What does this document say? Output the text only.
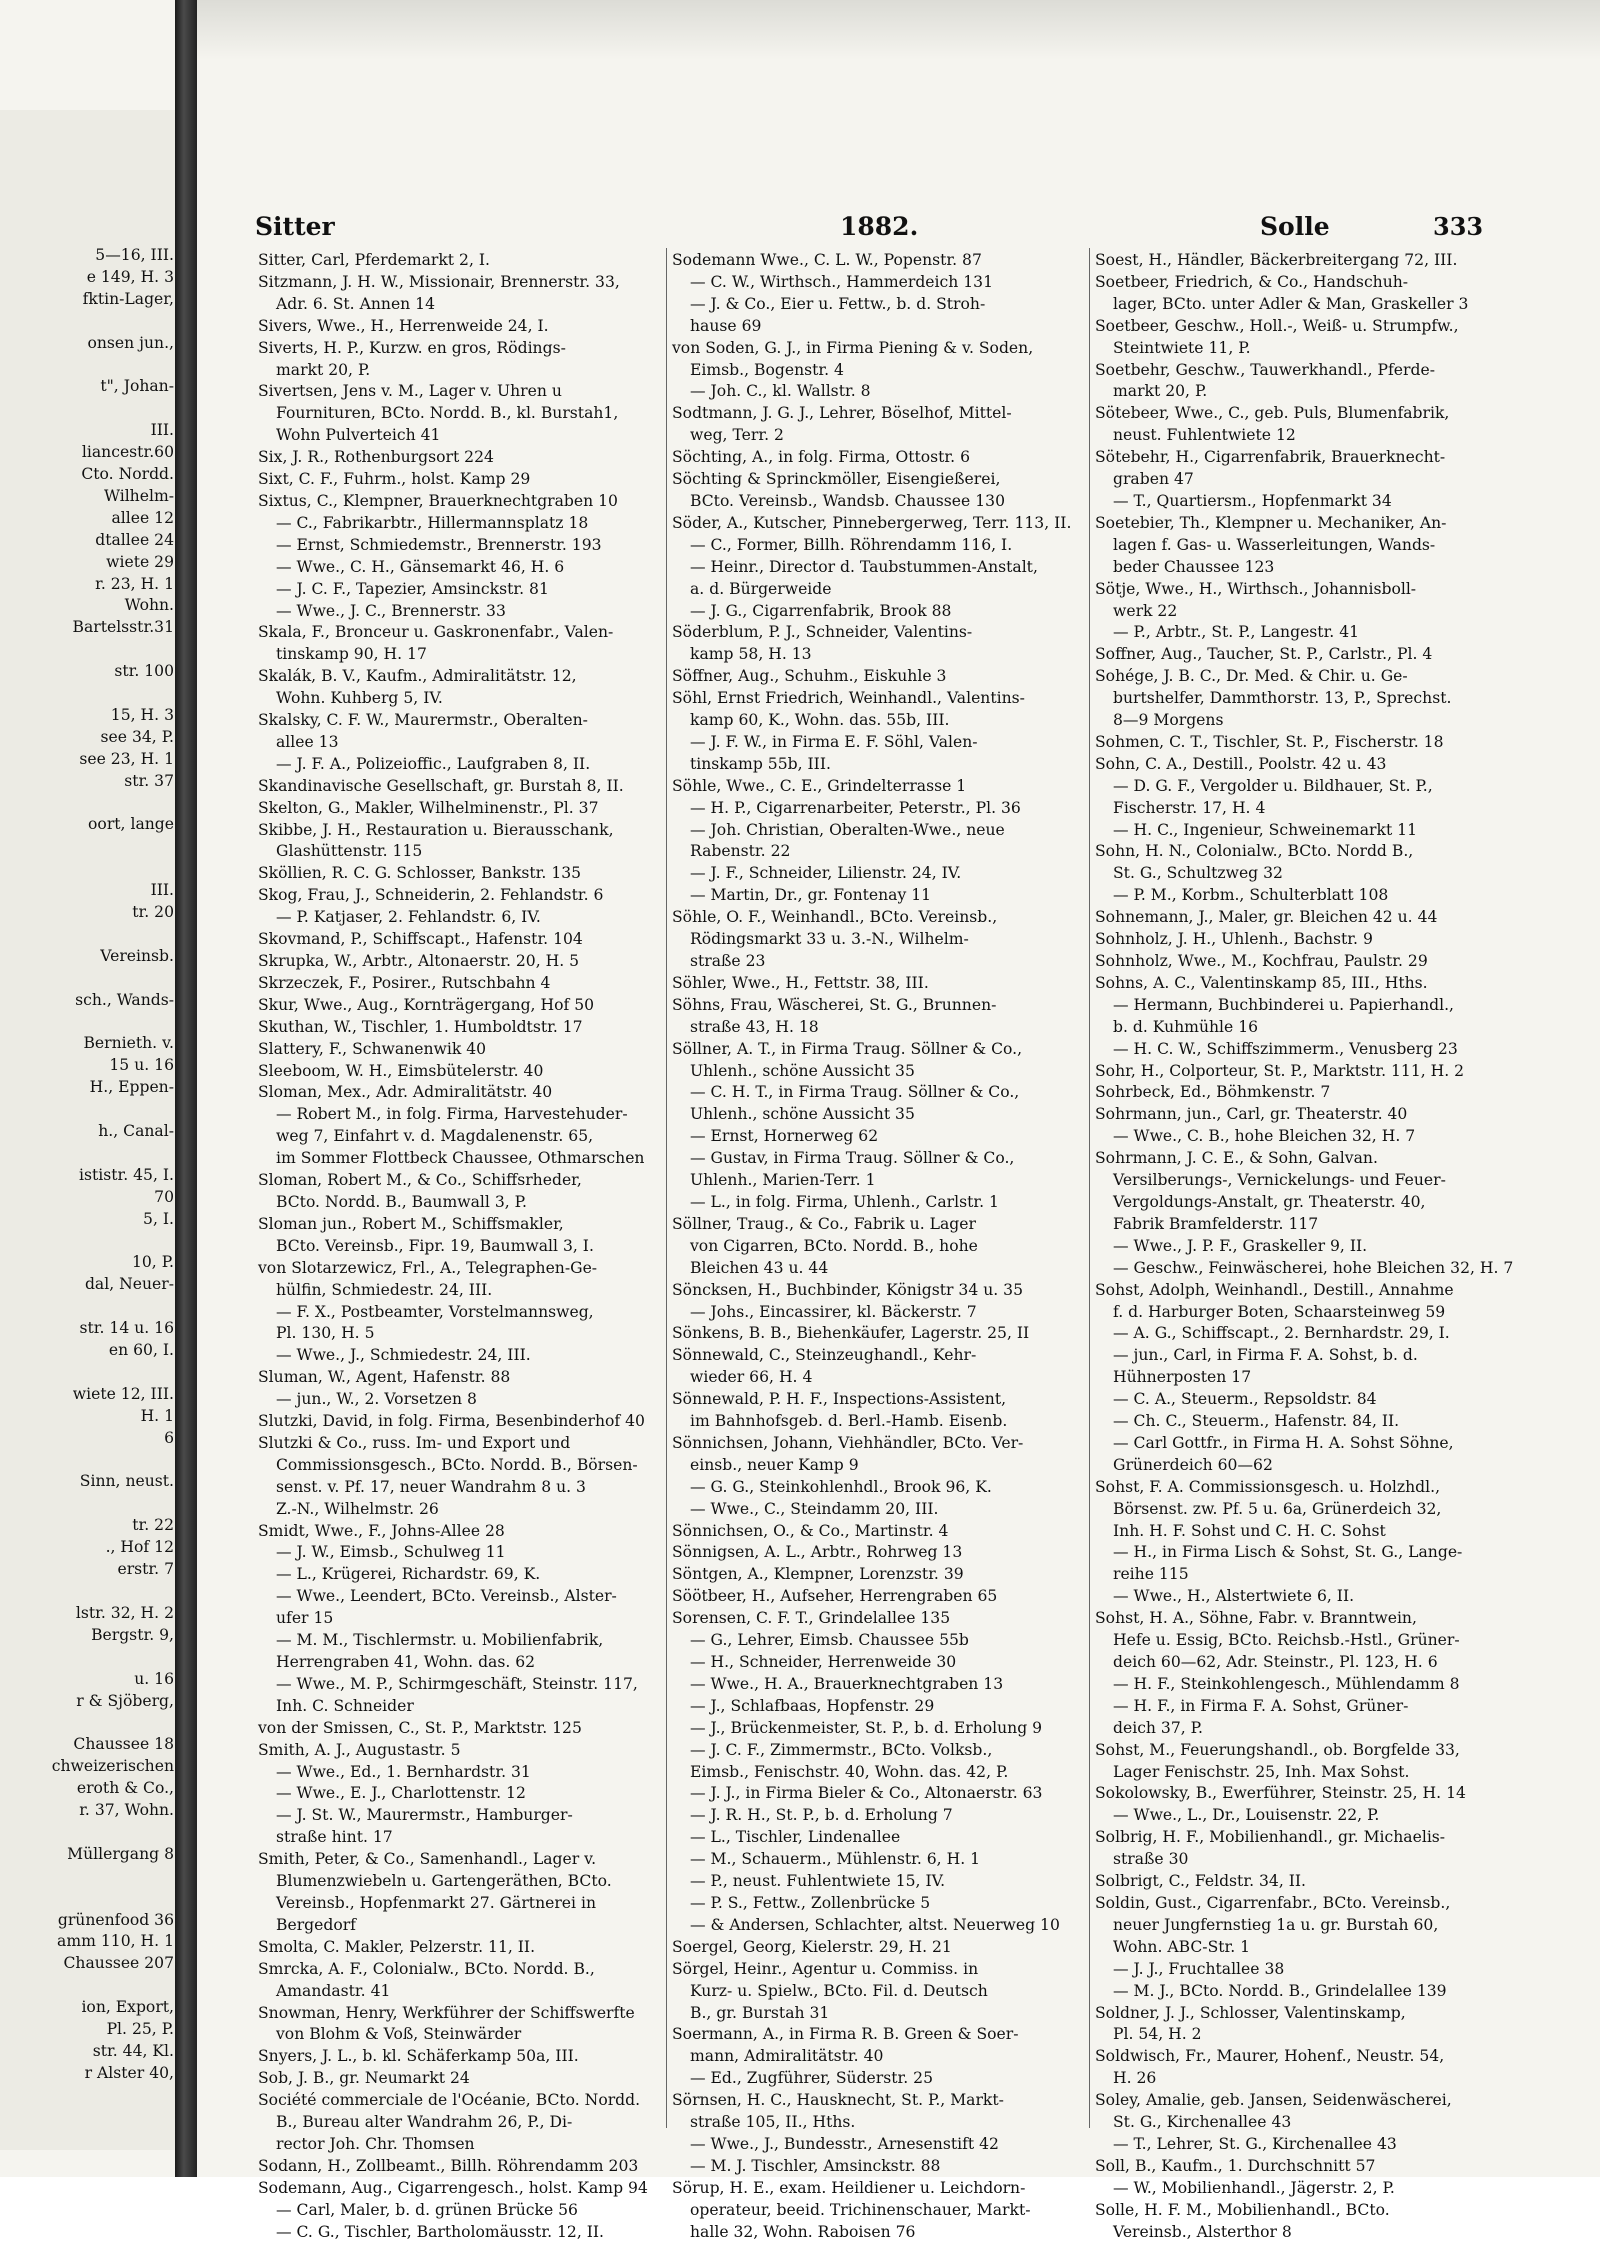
5—16, III.
e 149, H. 3
fktin-Lager,
onsen jun.,
t", Johan-
III.
liancestr.60
Cto. Nordd.
Wilhelm-
allee 12
dtallee 24
wiete 29
r. 23, H. 1
Wohn.
Bartelsstr.31
str. 100
15, H. 3
see 34, P.
see 23, H. 1
str. 37
oort, lange
III.
tr. 20
Vereinsb.
sch., Wands-
Bernieth. v.
15 u. 16
H., Eppen-
h., Canal-
ististr. 45, I.
70
5, I.
10, P.
dal, Neuer-
str. 14 u. 16
en 60, I.
wiete 12, III.
H. 1
6
Sinn, neust.
tr. 22
., Hof 12
erstr. 7
lstr. 32, H. 2
Bergstr. 9,
u. 16
r & Sjöberg,
Chaussee 18
chweizerischen
eroth & Co.,
r. 37, Wohn.
Müllergang 8
grünenfood 36
amm 110, H. 1
Chaussee 207
ion, Export,
Pl. 25, P.
str. 44, Kl.
r Alster 40,
Sitter	1882.	Solle	333
Sitter, Carl, Pferdemarkt 2, I.
Sitzmann, J. H. W., Missionair, Brennerstr. 33,
Adr. 6. St. Annen 14
Sivers, Wwe., H., Herrenweide 24, I.
Siverts, H. P., Kurzw. en gros, Rödings-
markt 20, P.
Sivertsen, Jens v. M., Lager v. Uhren u
Fournituren, BCto. Nordd. B., kl. Burstah1,
Wohn Pulverteich 41
Six, J. R., Rothenburgsort 224
Sixt, C. F., Fuhrm., holst. Kamp 29
Sixtus, C., Klempner, Brauerknechtgraben 10
— C., Fabrikarbtr., Hillermannsplatz 18
— Ernst, Schmiedemstr., Brennerstr. 193
— Wwe., C. H., Gänsemarkt 46, H. 6
— J. C. F., Tapezier, Amsinckstr. 81
— Wwe., J. C., Brennerstr. 33
Skala, F., Bronceur u. Gaskronenfabr., Valen-
tinskamp 90, H. 17
Skalák, B. V., Kaufm., Admiralitätstr. 12,
Wohn. Kuhberg 5, IV.
Skalsky, C. F. W., Maurermstr., Oberalten-
allee 13
— J. F. A., Polizeioffic., Laufgraben 8, II.
Skandinavische Gesellschaft, gr. Burstah 8, II.
Skelton, G., Makler, Wilhelminenstr., Pl. 37
Skibbe, J. H., Restauration u. Bierausschank,
Glashüttenstr. 115
Sköllien, R. C. G. Schlosser, Bankstr. 135
Skog, Frau, J., Schneiderin, 2. Fehlandstr. 6
— P. Katjaser, 2. Fehlandstr. 6, IV.
Skovmand, P., Schiffscapt., Hafenstr. 104
Skrupka, W., Arbtr., Altonaerstr. 20, H. 5
Skrzeczek, F., Posirer., Rutschbahn 4
Skur, Wwe., Aug., Kornträgergang, Hof 50
Skuthan, W., Tischler, 1. Humboldtstr. 17
Slattery, F., Schwanenwik 40
Sleeboom, W. H., Eimsbütelerstr. 40
Sloman, Mex., Adr. Admiralitätstr. 40
— Robert M., in folg. Firma, Harvestehuder-
weg 7, Einfahrt v. d. Magdalenenstr. 65,
im Sommer Flottbeck Chaussee, Othmarschen
Sloman, Robert M., & Co., Schiffsrheder,
BCto. Nordd. B., Baumwall 3, P.
Sloman jun., Robert M., Schiffsmakler,
BCto. Vereinsb., Fipr. 19, Baumwall 3, I.
von Slotarzewicz, Frl., A., Telegraphen-Ge-
hülfin, Schmiedestr. 24, III.
— F. X., Postbeamter, Vorstelmannsweg,
Pl. 130, H. 5
— Wwe., J., Schmiedestr. 24, III.
Sluman, W., Agent, Hafenstr. 88
— jun., W., 2. Vorsetzen 8
Slutzki, David, in folg. Firma, Besenbinderhof 40
Slutzki & Co., russ. Im- und Export und
Commissionsgesch., BCto. Nordd. B., Börsen-
senst. v. Pf. 17, neuer Wandrahm 8 u. 3
Z.-N., Wilhelmstr. 26
Smidt, Wwe., F., Johns-Allee 28
— J. W., Eimsb., Schulweg 11
— L., Krügerei, Richardstr. 69, K.
— Wwe., Leendert, BCto. Vereinsb., Alster-
ufer 15
— M. M., Tischlermstr. u. Mobilienfabrik,
Herrengraben 41, Wohn. das. 62
— Wwe., M. P., Schirmgeschäft, Steinstr. 117,
Inh. C. Schneider
von der Smissen, C., St. P., Marktstr. 125
Smith, A. J., Augustastr. 5
— Wwe., Ed., 1. Bernhardstr. 31
— Wwe., E. J., Charlottenstr. 12
— J. St. W., Maurermstr., Hamburger-
straße hint. 17
Smith, Peter, & Co., Samenhandl., Lager v.
Blumenzwiebeln u. Gartengeräthen, BCto.
Vereinsb., Hopfenmarkt 27. Gärtnerei in
Bergedorf
Smolta, C. Makler, Pelzerstr. 11, II.
Smrcka, A. F., Colonialw., BCto. Nordd. B.,
Amandastr. 41
Snowman, Henry, Werkführer der Schiffswerfte
von Blohm & Voß, Steinwärder
Snyers, J. L., b. kl. Schäferkamp 50a, III.
Sob, J. B., gr. Neumarkt 24
Société commerciale de l'Océanie, BCto. Nordd.
B., Bureau alter Wandrahm 26, P., Di-
rector Joh. Chr. Thomsen
Sodann, H., Zollbeamt., Billh. Röhrendamm 203
Sodemann, Aug., Cigarrengesch., holst. Kamp 94
— Carl, Maler, b. d. grünen Brücke 56
— C. G., Tischler, Bartholomäusstr. 12, II.
Sodemann Wwe., C. L. W., Popenstr. 87
— C. W., Wirthsch., Hammerdeich 131
— J. & Co., Eier u. Fettw., b. d. Stroh-
hause 69
von Soden, G. J., in Firma Piening & v. Soden,
Eimsb., Bogenstr. 4
— Joh. C., kl. Wallstr. 8
Sodtmann, J. G. J., Lehrer, Böselhof, Mittel-
weg, Terr. 2
Söchting, A., in folg. Firma, Ottostr. 6
Söchting & Sprinckmöller, Eisengießerei,
BCto. Vereinsb., Wandsb. Chaussee 130
Söder, A., Kutscher, Pinnebergerweg, Terr. 113, II.
— C., Former, Billh. Röhrendamm 116, I.
— Heinr., Director d. Taubstummen-Anstalt,
a. d. Bürgerweide
— J. G., Cigarrenfabrik, Brook 88
Söderblum, P. J., Schneider, Valentins-
kamp 58, H. 13
Söffner, Aug., Schuhm., Eiskuhle 3
Söhl, Ernst Friedrich, Weinhandl., Valentins-
kamp 60, K., Wohn. das. 55b, III.
— J. F. W., in Firma E. F. Söhl, Valen-
tinskamp 55b, III.
Söhle, Wwe., C. E., Grindelterrasse 1
— H. P., Cigarrenarbeiter, Peterstr., Pl. 36
— Joh. Christian, Oberalten-Wwe., neue
Rabenstr. 22
— J. F., Schneider, Lilienstr. 24, IV.
— Martin, Dr., gr. Fontenay 11
Söhle, O. F., Weinhandl., BCto. Vereinsb.,
Rödingsmarkt 33 u. 3.-N., Wilhelm-
straße 23
Söhler, Wwe., H., Fettstr. 38, III.
Söhns, Frau, Wäscherei, St. G., Brunnen-
straße 43, H. 18
Söllner, A. T., in Firma Traug. Söllner & Co.,
Uhlenh., schöne Aussicht 35
— C. H. T., in Firma Traug. Söllner & Co.,
Uhlenh., schöne Aussicht 35
— Ernst, Hornerweg 62
— Gustav, in Firma Traug. Söllner & Co.,
Uhlenh., Marien-Terr. 1
— L., in folg. Firma, Uhlenh., Carlstr. 1
Söllner, Traug., & Co., Fabrik u. Lager
von Cigarren, BCto. Nordd. B., hohe
Bleichen 43 u. 44
Söncksen, H., Buchbinder, Königstr 34 u. 35
— Johs., Eincassirer, kl. Bäckerstr. 7
Sönkens, B. B., Biehenkäufer, Lagerstr. 25, II
Sönnewald, C., Steinzeughandl., Kehr-
wieder 66, H. 4
Sönnewald, P. H. F., Inspections-Assistent,
im Bahnhofsgeb. d. Berl.-Hamb. Eisenb.
Sönnichsen, Johann, Viehhändler, BCto. Ver-
einsb., neuer Kamp 9
— G. G., Steinkohlenhdl., Brook 96, K.
— Wwe., C., Steindamm 20, III.
Sönnichsen, O., & Co., Martinstr. 4
Sönnigsen, A. L., Arbtr., Rohrweg 13
Söntgen, A., Klempner, Lorenzstr. 39
Söötbeer, H., Aufseher, Herrengraben 65
Sorensen, C. F. T., Grindelallee 135
— G., Lehrer, Eimsb. Chaussee 55b
— H., Schneider, Herrenweide 30
— Wwe., H. A., Brauerknechtgraben 13
— J., Schlafbaas, Hopfenstr. 29
— J., Brückenmeister, St. P., b. d. Erholung 9
— J. C. F., Zimmermstr., BCto. Volksb.,
Eimsb., Fenischstr. 40, Wohn. das. 42, P.
— J. J., in Firma Bieler & Co., Altonaerstr. 63
— J. R. H., St. P., b. d. Erholung 7
— L., Tischler, Lindenallee
— M., Schauerm., Mühlenstr. 6, H. 1
— P., neust. Fuhlentwiete 15, IV.
— P. S., Fettw., Zollenbrücke 5
— & Andersen, Schlachter, altst. Neuerweg 10
Soergel, Georg, Kielerstr. 29, H. 21
Sörgel, Heinr., Agentur u. Commiss. in
Kurz- u. Spielw., BCto. Fil. d. Deutsch
B., gr. Burstah 31
Soermann, A., in Firma R. B. Green & Soer-
mann, Admiralitätstr. 40
— Ed., Zugführer, Süderstr. 25
Sörnsen, H. C., Hausknecht, St. P., Markt-
straße 105, II., Hths.
— Wwe., J., Bundesstr., Arnesenstift 42
— M. J. Tischler, Amsinckstr. 88
Sörup, H. E., exam. Heildiener u. Leichdorn-
operateur, beeid. Trichinenschauer, Markt-
halle 32, Wohn. Raboisen 76
Soest, H., Händler, Bäckerbreitergang 72, III.
Soetbeer, Friedrich, & Co., Handschuh-
lager, BCto. unter Adler & Man, Graskeller 3
Soetbeer, Geschw., Holl.-, Weiß- u. Strumpfw.,
Steintwiete 11, P.
Soetbehr, Geschw., Tauwerkhandl., Pferde-
markt 20, P.
Sötebeer, Wwe., C., geb. Puls, Blumenfabrik,
neust. Fuhlentwiete 12
Sötebehr, H., Cigarrenfabrik, Brauerknecht-
graben 47
— T., Quartiersm., Hopfenmarkt 34
Soetebier, Th., Klempner u. Mechaniker, An-
lagen f. Gas- u. Wasserleitungen, Wands-
beder Chaussee 123
Sötje, Wwe., H., Wirthsch., Johannisboll-
werk 22
— P., Arbtr., St. P., Langestr. 41
Soffner, Aug., Taucher, St. P., Carlstr., Pl. 4
Sohége, J. B. C., Dr. Med. & Chir. u. Ge-
burtshelfer, Dammthorstr. 13, P., Sprechst.
8—9 Morgens
Sohmen, C. T., Tischler, St. P., Fischerstr. 18
Sohn, C. A., Destill., Poolstr. 42 u. 43
— D. G. F., Vergolder u. Bildhauer, St. P.,
Fischerstr. 17, H. 4
— H. C., Ingenieur, Schweinemarkt 11
Sohn, H. N., Colonialw., BCto. Nordd B.,
St. G., Schultzweg 32
— P. M., Korbm., Schulterblatt 108
Sohnemann, J., Maler, gr. Bleichen 42 u. 44
Sohnholz, J. H., Uhlenh., Bachstr. 9
Sohnholz, Wwe., M., Kochfrau, Paulstr. 29
Sohns, A. C., Valentinskamp 85, III., Hths.
— Hermann, Buchbinderei u. Papierhandl.,
b. d. Kuhmühle 16
— H. C. W., Schiffszimmerm., Venusberg 23
Sohr, H., Colporteur, St. P., Marktstr. 111, H. 2
Sohrbeck, Ed., Böhmkenstr. 7
Sohrmann, jun., Carl, gr. Theaterstr. 40
— Wwe., C. B., hohe Bleichen 32, H. 7
Sohrmann, J. C. E., & Sohn, Galvan.
Versilberungs-, Vernickelungs- und Feuer-
Vergoldungs-Anstalt, gr. Theaterstr. 40,
Fabrik Bramfelderstr. 117
— Wwe., J. P. F., Graskeller 9, II.
— Geschw., Feinwäscherei, hohe Bleichen 32, H. 7
Sohst, Adolph, Weinhandl., Destill., Annahme
f. d. Harburger Boten, Schaarsteinweg 59
— A. G., Schiffscapt., 2. Bernhardstr. 29, I.
— jun., Carl, in Firma F. A. Sohst, b. d.
Hühnerposten 17
— C. A., Steuerm., Repsoldstr. 84
— Ch. C., Steuerm., Hafenstr. 84, II.
— Carl Gottfr., in Firma H. A. Sohst Söhne,
Grünerdeich 60—62
Sohst, F. A. Commissionsgesch. u. Holzhdl.,
Börsenst. zw. Pf. 5 u. 6a, Grünerdeich 32,
Inh. H. F. Sohst und C. H. C. Sohst
— H., in Firma Lisch & Sohst, St. G., Lange-
reihe 115
— Wwe., H., Alstertwiete 6, II.
Sohst, H. A., Söhne, Fabr. v. Branntwein,
Hefe u. Essig, BCto. Reichsb.-Hstl., Grüner-
deich 60—62, Adr. Steinstr., Pl. 123, H. 6
— H. F., Steinkohlengesch., Mühlendamm 8
— H. F., in Firma F. A. Sohst, Grüner-
deich 37, P.
Sohst, M., Feuerungshandl., ob. Borgfelde 33,
Lager Fenischstr. 25, Inh. Max Sohst.
Sokolowsky, B., Ewerführer, Steinstr. 25, H. 14
— Wwe., L., Dr., Louisenstr. 22, P.
Solbrig, H. F., Mobilienhandl., gr. Michaelis-
straße 30
Solbrigt, C., Feldstr. 34, II.
Soldin, Gust., Cigarrenfabr., BCto. Vereinsb.,
neuer Jungfernstieg 1a u. gr. Burstah 60,
Wohn. ABC-Str. 1
— J. J., Fruchtallee 38
— M. J., BCto. Nordd. B., Grindelallee 139
Soldner, J. J., Schlosser, Valentinskamp,
Pl. 54, H. 2
Soldwisch, Fr., Maurer, Hohenf., Neustr. 54,
H. 26
Soley, Amalie, geb. Jansen, Seidenwäscherei,
St. G., Kirchenallee 43
— T., Lehrer, St. G., Kirchenallee 43
Soll, B., Kaufm., 1. Durchschnitt 57
— W., Mobilienhandl., Jägerstr. 2, P.
Solle, H. F. M., Mobilienhandl., BCto.
Vereinsb., Alsterthor 8
